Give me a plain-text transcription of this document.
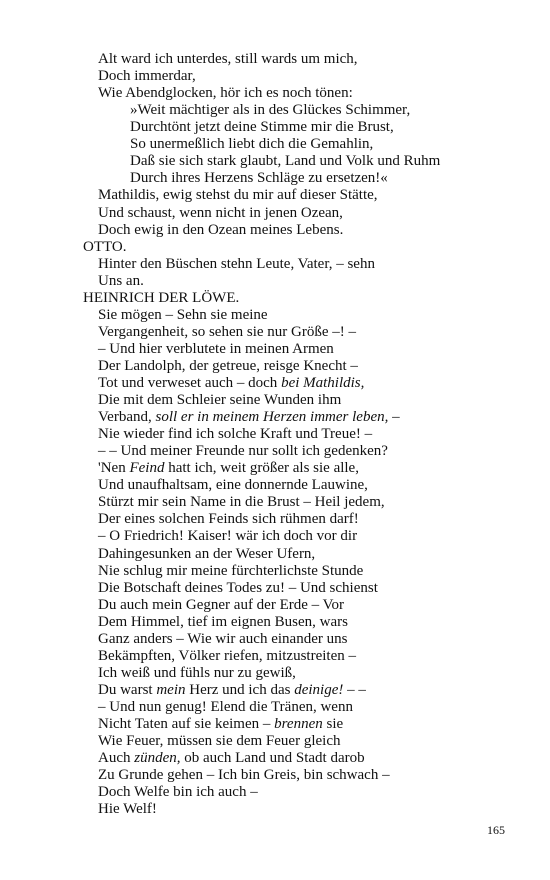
Alt ward ich unterdes, still wards um mich,
Doch immerdar,
Wie Abendglocken, hör ich es noch tönen:
»Weit mächtiger als in des Glückes Schimmer,
Durchtönt jetzt deine Stimme mir die Brust,
So unermeßlich liebt dich die Gemahlin,
Daß sie sich stark glaubt, Land und Volk und Ruhm
Durch ihres Herzens Schläge zu ersetzen!«
Mathildis, ewig stehst du mir auf dieser Stätte,
Und schaust, wenn nicht in jenen Ozean,
Doch ewig in den Ozean meines Lebens.
OTTO.
Hinter den Büschen stehn Leute, Vater, – sehn
Uns an.
HEINRICH DER LÖWE.
Sie mögen – Sehn sie meine
Vergangenheit, so sehen sie nur Größe –! –
– Und hier verblutete in meinen Armen
Der Landolph, der getreue, reisge Knecht –
Tot und verweset auch – doch bei Mathildis,
Die mit dem Schleier seine Wunden ihm
Verband, soll er in meinem Herzen immer leben, –
Nie wieder find ich solche Kraft und Treue! –
– – Und meiner Freunde nur sollt ich gedenken?
'Nen Feind hatt ich, weit größer als sie alle,
Und unaufhaltsam, eine donnernde Lauwine,
Stürzt mir sein Name in die Brust – Heil jedem,
Der eines solchen Feinds sich rühmen darf!
– O Friedrich! Kaiser! wär ich doch vor dir
Dahingesunken an der Weser Ufern,
Nie schlug mir meine fürchterlichste Stunde
Die Botschaft deines Todes zu! – Und schienst
Du auch mein Gegner auf der Erde – Vor
Dem Himmel, tief im eignen Busen, wars
Ganz anders – Wie wir auch einander uns
Bekämpften, Völker riefen, mitzustreiten –
Ich weiß und fühls nur zu gewiß,
Du warst mein Herz und ich das deinige! – –
– Und nun genug! Elend die Tränen, wenn
Nicht Taten auf sie keimen – brennen sie
Wie Feuer, müssen sie dem Feuer gleich
Auch zünden, ob auch Land und Stadt darob
Zu Grunde gehen – Ich bin Greis, bin schwach –
Doch Welfe bin ich auch –
Hie Welf!
165
